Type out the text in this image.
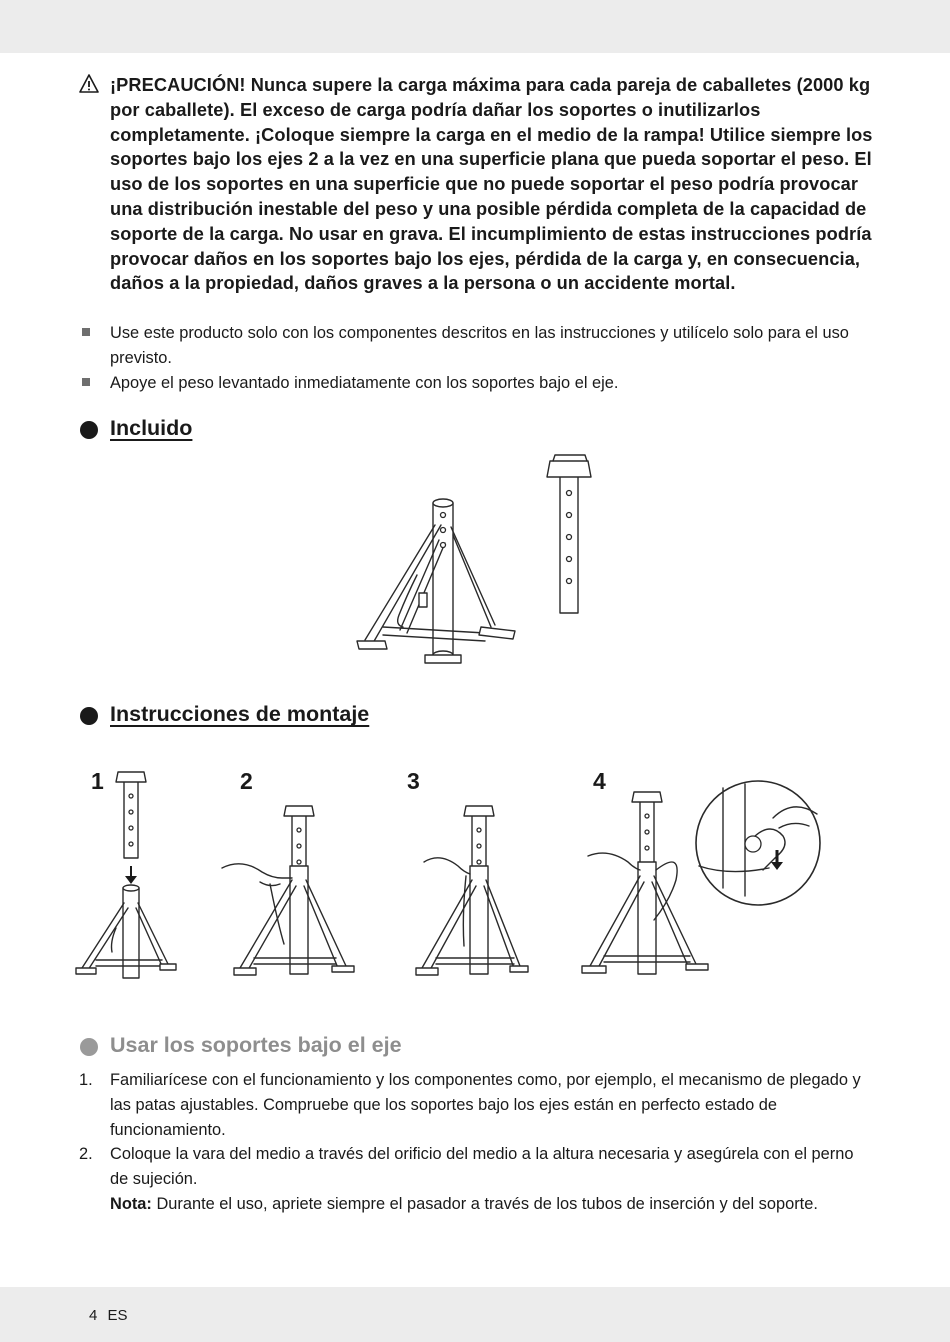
¡PRECAUCIÓN! Nunca supere la carga máxima para cada pareja de caballetes (2000 kg por caballete). El exceso de carga podría dañar los soportes o inutilizarlos completamente. ¡Coloque siempre la carga en el medio de la rampa! Utilice siempre los soportes bajo los ejes 2 a la vez en una superficie plana que pueda soportar el peso. El uso de los soportes en una superficie que no puede soportar el peso podría provocar una distribución inestable del peso y una posible pérdida completa de la capacidad de soporte de la carga. No usar en grava. El incumplimiento de estas instrucciones podría provocar daños en los soportes bajo los ejes, pérdida de la carga y, en consecuencia, daños a la propiedad, daños graves a la persona o un accidente mortal.
Use este producto solo con los componentes descritos en las instrucciones y utilícelo solo para el uso previsto.
Apoye el peso levantado inmediatamente con los soportes bajo el eje.
Incluido
Instrucciones de montaje
1	2	3	4
Usar los soportes bajo el eje
1. Familiarícese con el funcionamiento y los componentes como, por ejemplo, el mecanismo de plegado y las patas ajustables. Compruebe que los soportes bajo los ejes están en perfecto estado de funcionamiento.
2. Coloque la vara del medio a través del orificio del medio a la altura necesaria y asegúrela con el perno de sujeción.
Nota: Durante el uso, apriete siempre el pasador a través de los tubos de inserción y del soporte.
4 ES
